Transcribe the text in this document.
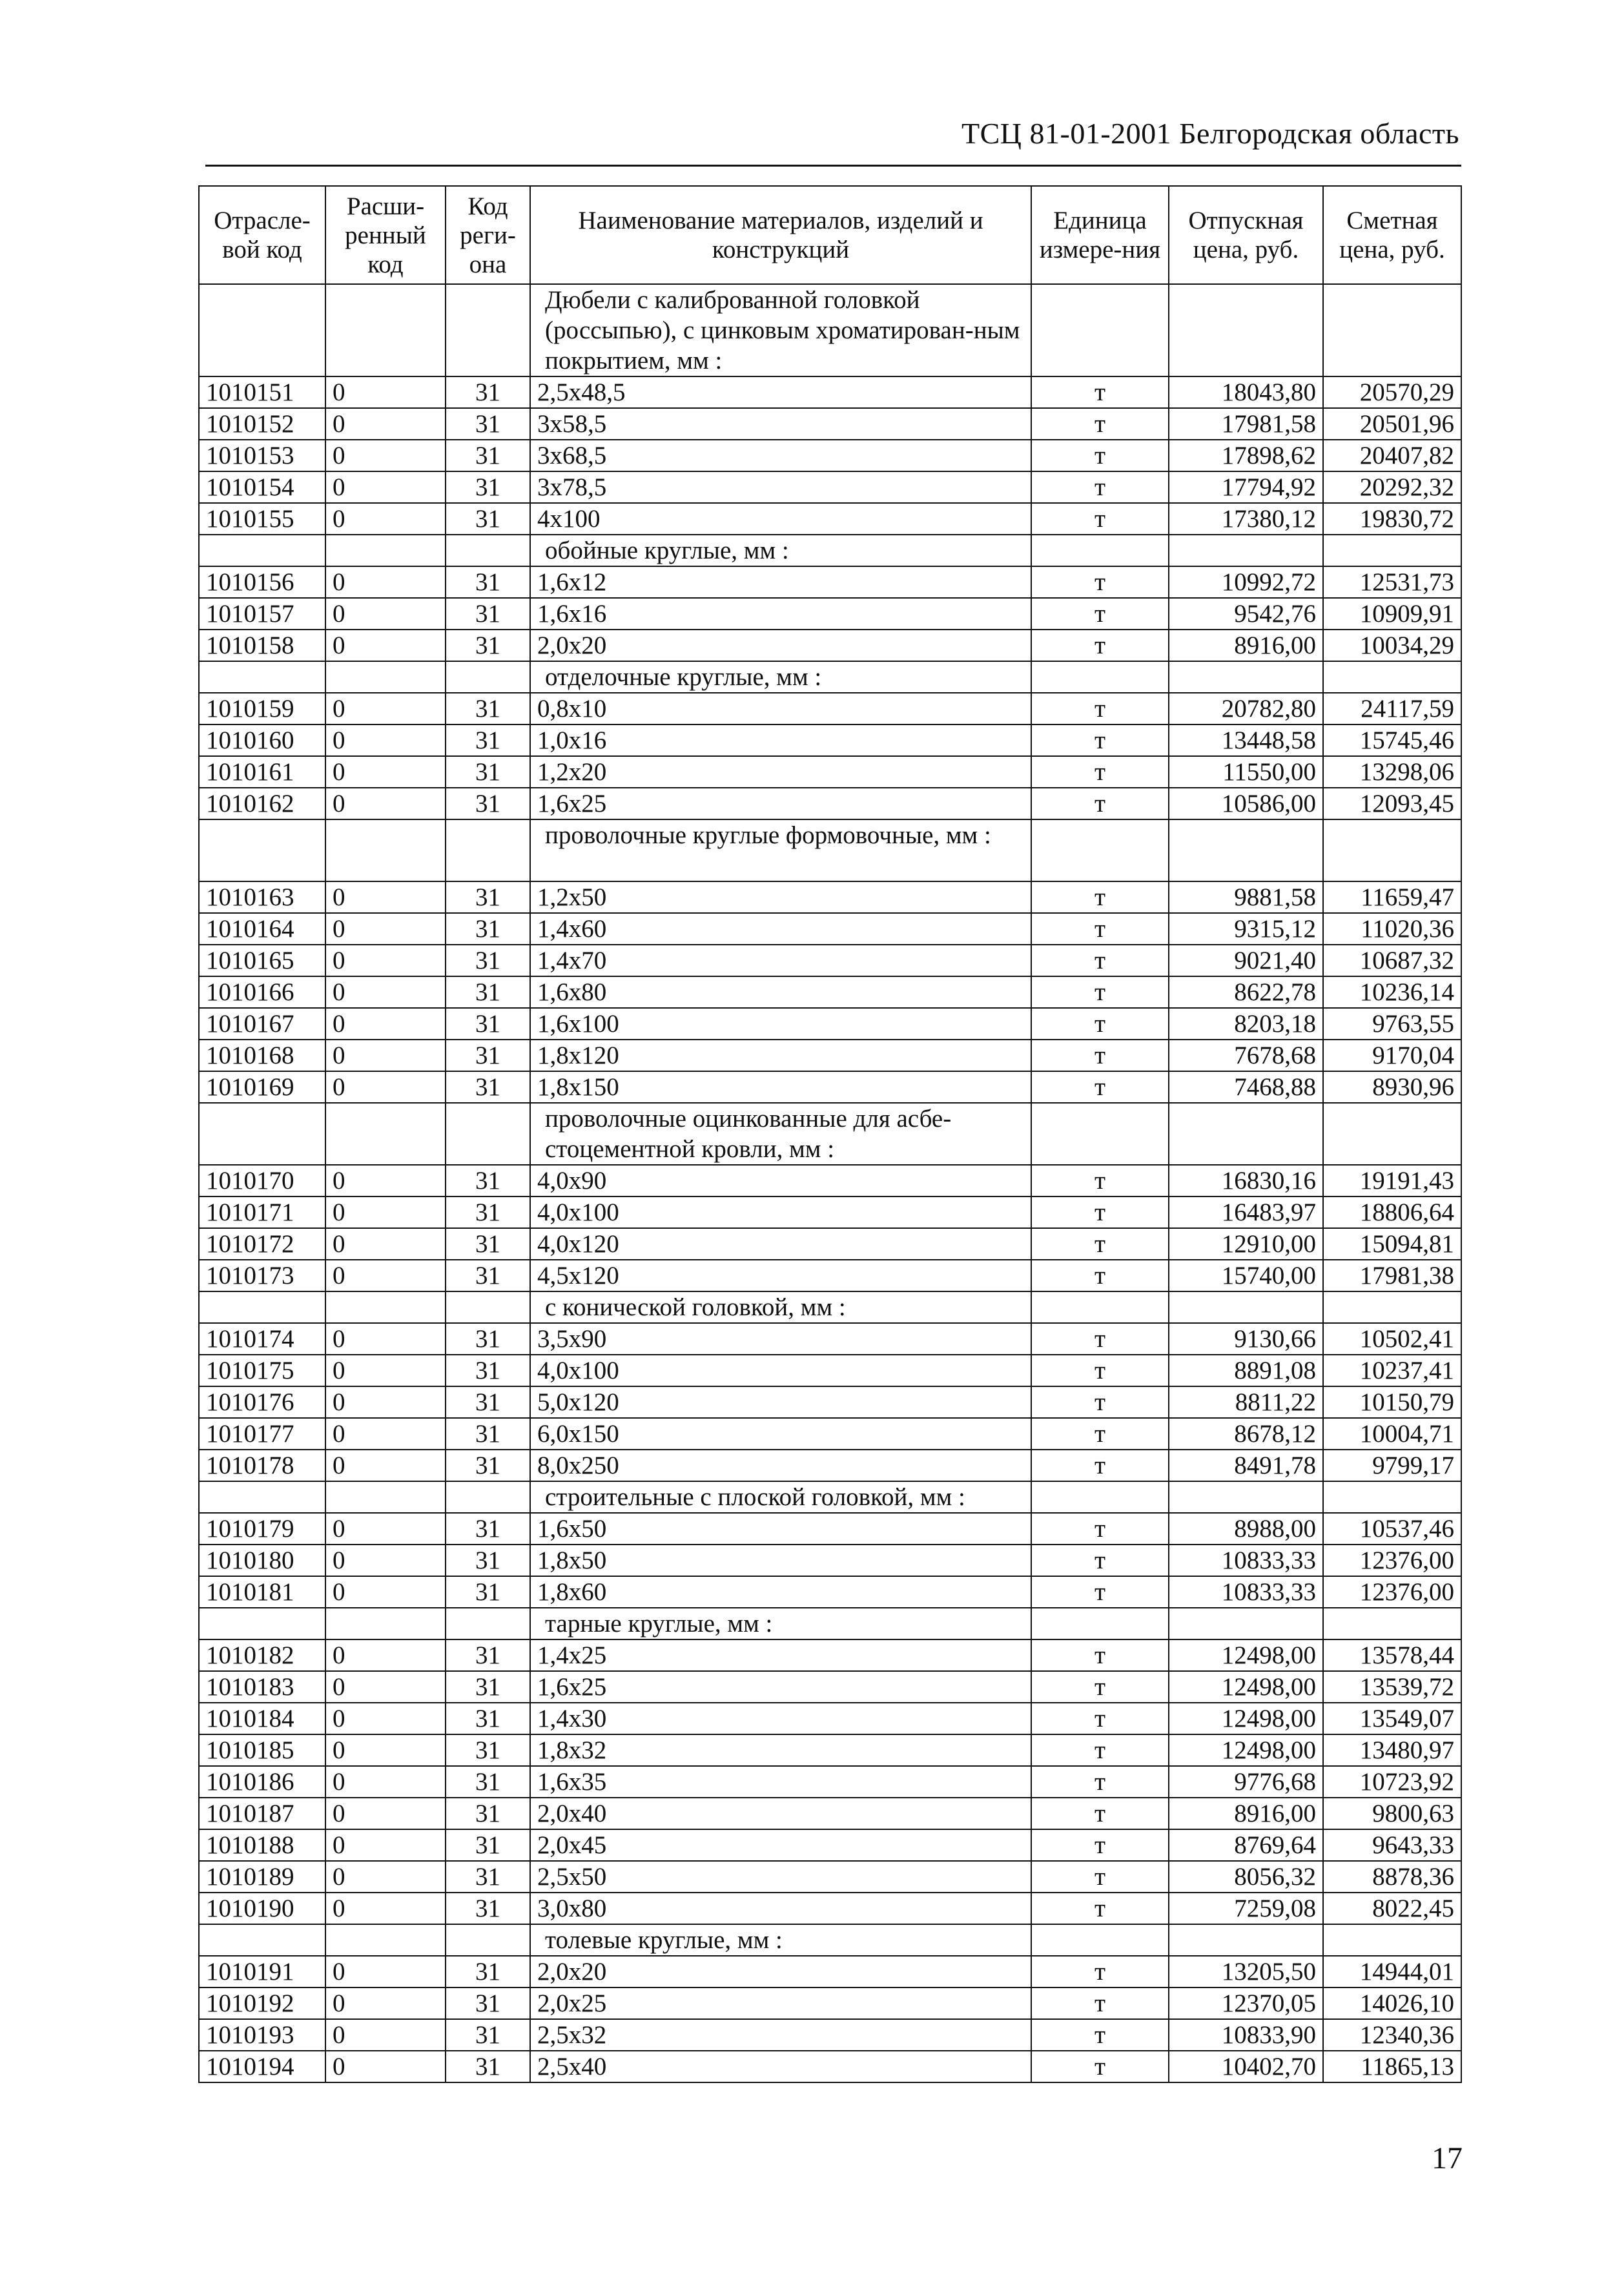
ТСЦ 81-01-2001 Белгородская область
Отрасле-вой код	Расши-ренный код	Код реги-она	Наименование материалов, изделий и конструкций	Единица измере-ния	Отпускная цена, руб.	Сметная цена, руб.
			Дюбели с калиброванной головкой (россыпью), с цинковым хроматирован-ным покрытием, мм :			
1010151	0	31	2,5x48,5	т	18043,80	20570,29
1010152	0	31	3x58,5	т	17981,58	20501,96
1010153	0	31	3x68,5	т	17898,62	20407,82
1010154	0	31	3x78,5	т	17794,92	20292,32
1010155	0	31	4x100	т	17380,12	19830,72
			обойные круглые, мм :			
1010156	0	31	1,6x12	т	10992,72	12531,73
1010157	0	31	1,6x16	т	9542,76	10909,91
1010158	0	31	2,0x20	т	8916,00	10034,29
			отделочные круглые, мм :			
1010159	0	31	0,8x10	т	20782,80	24117,59
1010160	0	31	1,0x16	т	13448,58	15745,46
1010161	0	31	1,2x20	т	11550,00	13298,06
1010162	0	31	1,6x25	т	10586,00	12093,45
			проволочные круглые формовочные, мм :			
1010163	0	31	1,2x50	т	9881,58	11659,47
1010164	0	31	1,4x60	т	9315,12	11020,36
1010165	0	31	1,4x70	т	9021,40	10687,32
1010166	0	31	1,6x80	т	8622,78	10236,14
1010167	0	31	1,6x100	т	8203,18	9763,55
1010168	0	31	1,8x120	т	7678,68	9170,04
1010169	0	31	1,8x150	т	7468,88	8930,96
			проволочные оцинкованные для асбе-стоцементной кровли, мм :			
1010170	0	31	4,0x90	т	16830,16	19191,43
1010171	0	31	4,0x100	т	16483,97	18806,64
1010172	0	31	4,0x120	т	12910,00	15094,81
1010173	0	31	4,5x120	т	15740,00	17981,38
			с конической головкой, мм :			
1010174	0	31	3,5x90	т	9130,66	10502,41
1010175	0	31	4,0x100	т	8891,08	10237,41
1010176	0	31	5,0x120	т	8811,22	10150,79
1010177	0	31	6,0x150	т	8678,12	10004,71
1010178	0	31	8,0x250	т	8491,78	9799,17
			строительные с плоской головкой, мм :			
1010179	0	31	1,6x50	т	8988,00	10537,46
1010180	0	31	1,8x50	т	10833,33	12376,00
1010181	0	31	1,8x60	т	10833,33	12376,00
			тарные круглые, мм :			
1010182	0	31	1,4x25	т	12498,00	13578,44
1010183	0	31	1,6x25	т	12498,00	13539,72
1010184	0	31	1,4x30	т	12498,00	13549,07
1010185	0	31	1,8x32	т	12498,00	13480,97
1010186	0	31	1,6x35	т	9776,68	10723,92
1010187	0	31	2,0x40	т	8916,00	9800,63
1010188	0	31	2,0x45	т	8769,64	9643,33
1010189	0	31	2,5x50	т	8056,32	8878,36
1010190	0	31	3,0x80	т	7259,08	8022,45
			толевые круглые, мм :			
1010191	0	31	2,0x20	т	13205,50	14944,01
1010192	0	31	2,0x25	т	12370,05	14026,10
1010193	0	31	2,5x32	т	10833,90	12340,36
1010194	0	31	2,5x40	т	10402,70	11865,13
17
